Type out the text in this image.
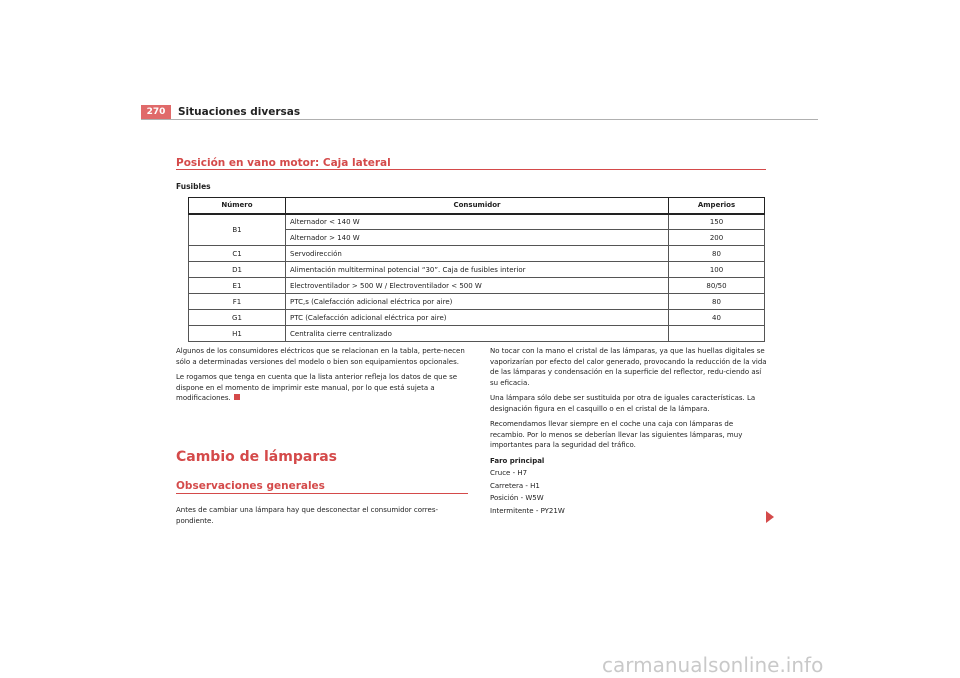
270	Situaciones diversas
Posición en vano motor: Caja lateral
Fusibles
Número	Consumidor	Amperios
B1	Alternador < 140 W	150
	Alternador > 140 W	200
C1	Servodirección	80
D1	Alimentación multiterminal potencial “30”. Caja de fusibles interior	100
E1	Electroventilador > 500 W / Electroventilador < 500 W	80/50
F1	PTC,s (Calefacción adicional eléctrica por aire)	80
G1	PTC (Calefacción adicional eléctrica por aire)	40
H1	Centralita cierre centralizado	

Algunos de los consumidores eléctricos que se relacionan en la tabla, perte-necen sólo a determinadas versiones del modelo o bien son equipamientos opcionales.

Le rogamos que tenga en cuenta que la lista anterior refleja los datos de que se dispone en el momento de imprimir este manual, por lo que está sujeta a modificaciones.

Cambio de lámparas
Observaciones generales

Antes de cambiar una lámpara hay que desconectar el consumidor corres-pondiente.

No tocar con la mano el cristal de las lámparas, ya que las huellas digitales se vaporizarían por efecto del calor generado, provocando la reducción de la vida de las lámparas y condensación en la superficie del reflector, redu-ciendo así su eficacia.

Una lámpara sólo debe ser sustituida por otra de iguales características. La designación figura en el casquillo o en el cristal de la lámpara.

Recomendamos llevar siempre en el coche una caja con lámparas de recambio. Por lo menos se deberían llevar las siguientes lámparas, muy importantes para la seguridad del tráfico.

Faro principal

Cruce - H7
Carretera - H1
Posición - W5W
Intermitente - PY21W
carmanualsonline.info
